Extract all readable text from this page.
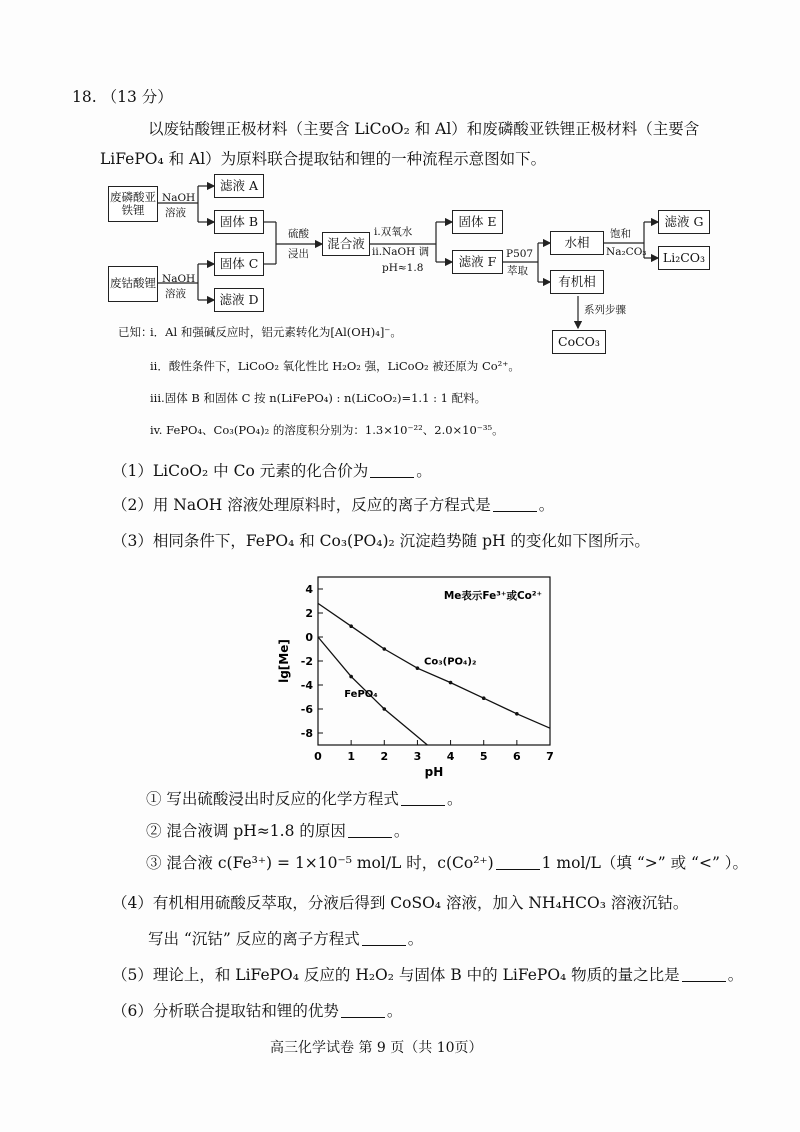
18. （13 分）
以废钴酸锂正极材料（主要含 LiCoO₂ 和 Al）和废磷酸亚铁锂正极材料（主要含
LiFePO₄ 和 Al）为原料联合提取钴和锂的一种流程示意图如下。
废磷酸亚铁锂
废钴酸锂
NaOH
溶液
NaOH
溶液
滤液 A
固体 B
固体 C
滤液 D
硫酸
浸出
混合液
i.双氧水
ii.NaOH 调
pH≈1.8
固体 E
滤液 F P507
萃取
水相
有机相
饱和
Na₂CO₃
滤液 G
Li₂CO₃
系列步骤
CoCO₃
已知：
i．Al 和强碱反应时，铝元素转化为[Al(OH)₄]⁻。
ii．酸性条件下，LiCoO₂ 氧化性比 H₂O₂ 强，LiCoO₂ 被还原为 Co²⁺。
iii.固体 B 和固体 C 按 n(LiFePO₄) : n(LiCoO₂)=1.1 : 1 配料。
iv. FePO₄、Co₃(PO₄)₂ 的溶度积分别为：1.3×10⁻²²、2.0×10⁻³⁵。
（1）LiCoO₂ 中 Co 元素的化合价为	。
（2）用 NaOH 溶液处理原料时，反应的离子方程式是	。
（3）相同条件下，FePO₄ 和 Co₃(PO₄)₂ 沉淀趋势随 pH 的变化如下图所示。
0 1 2 3 4 5 6 7
4
2
0
-2
-4
-6
-8
pH
lg[Me]
Me表示Fe³⁺或Co²⁺
Co₃(PO₄)₂
FePO₄
① 写出硫酸浸出时反应的化学方程式	。
② 混合液调 pH≈1.8 的原因	。
③ 混合液 c(Fe³⁺) = 1×10⁻⁵ mol/L 时，c(Co²⁺)	1 mol/L（填 “>” 或 “<” ）。
（4）有机相用硫酸反萃取，分液后得到 CoSO₄ 溶液，加入 NH₄HCO₃ 溶液沉钴。
写出 “沉钴” 反应的离子方程式	。
（5）理论上，和 LiFePO₄ 反应的 H₂O₂ 与固体 B 中的 LiFePO₄ 物质的量之比是	。
（6）分析联合提取钴和锂的优势	。
高三化学试卷 第 9 页（共 10页）
